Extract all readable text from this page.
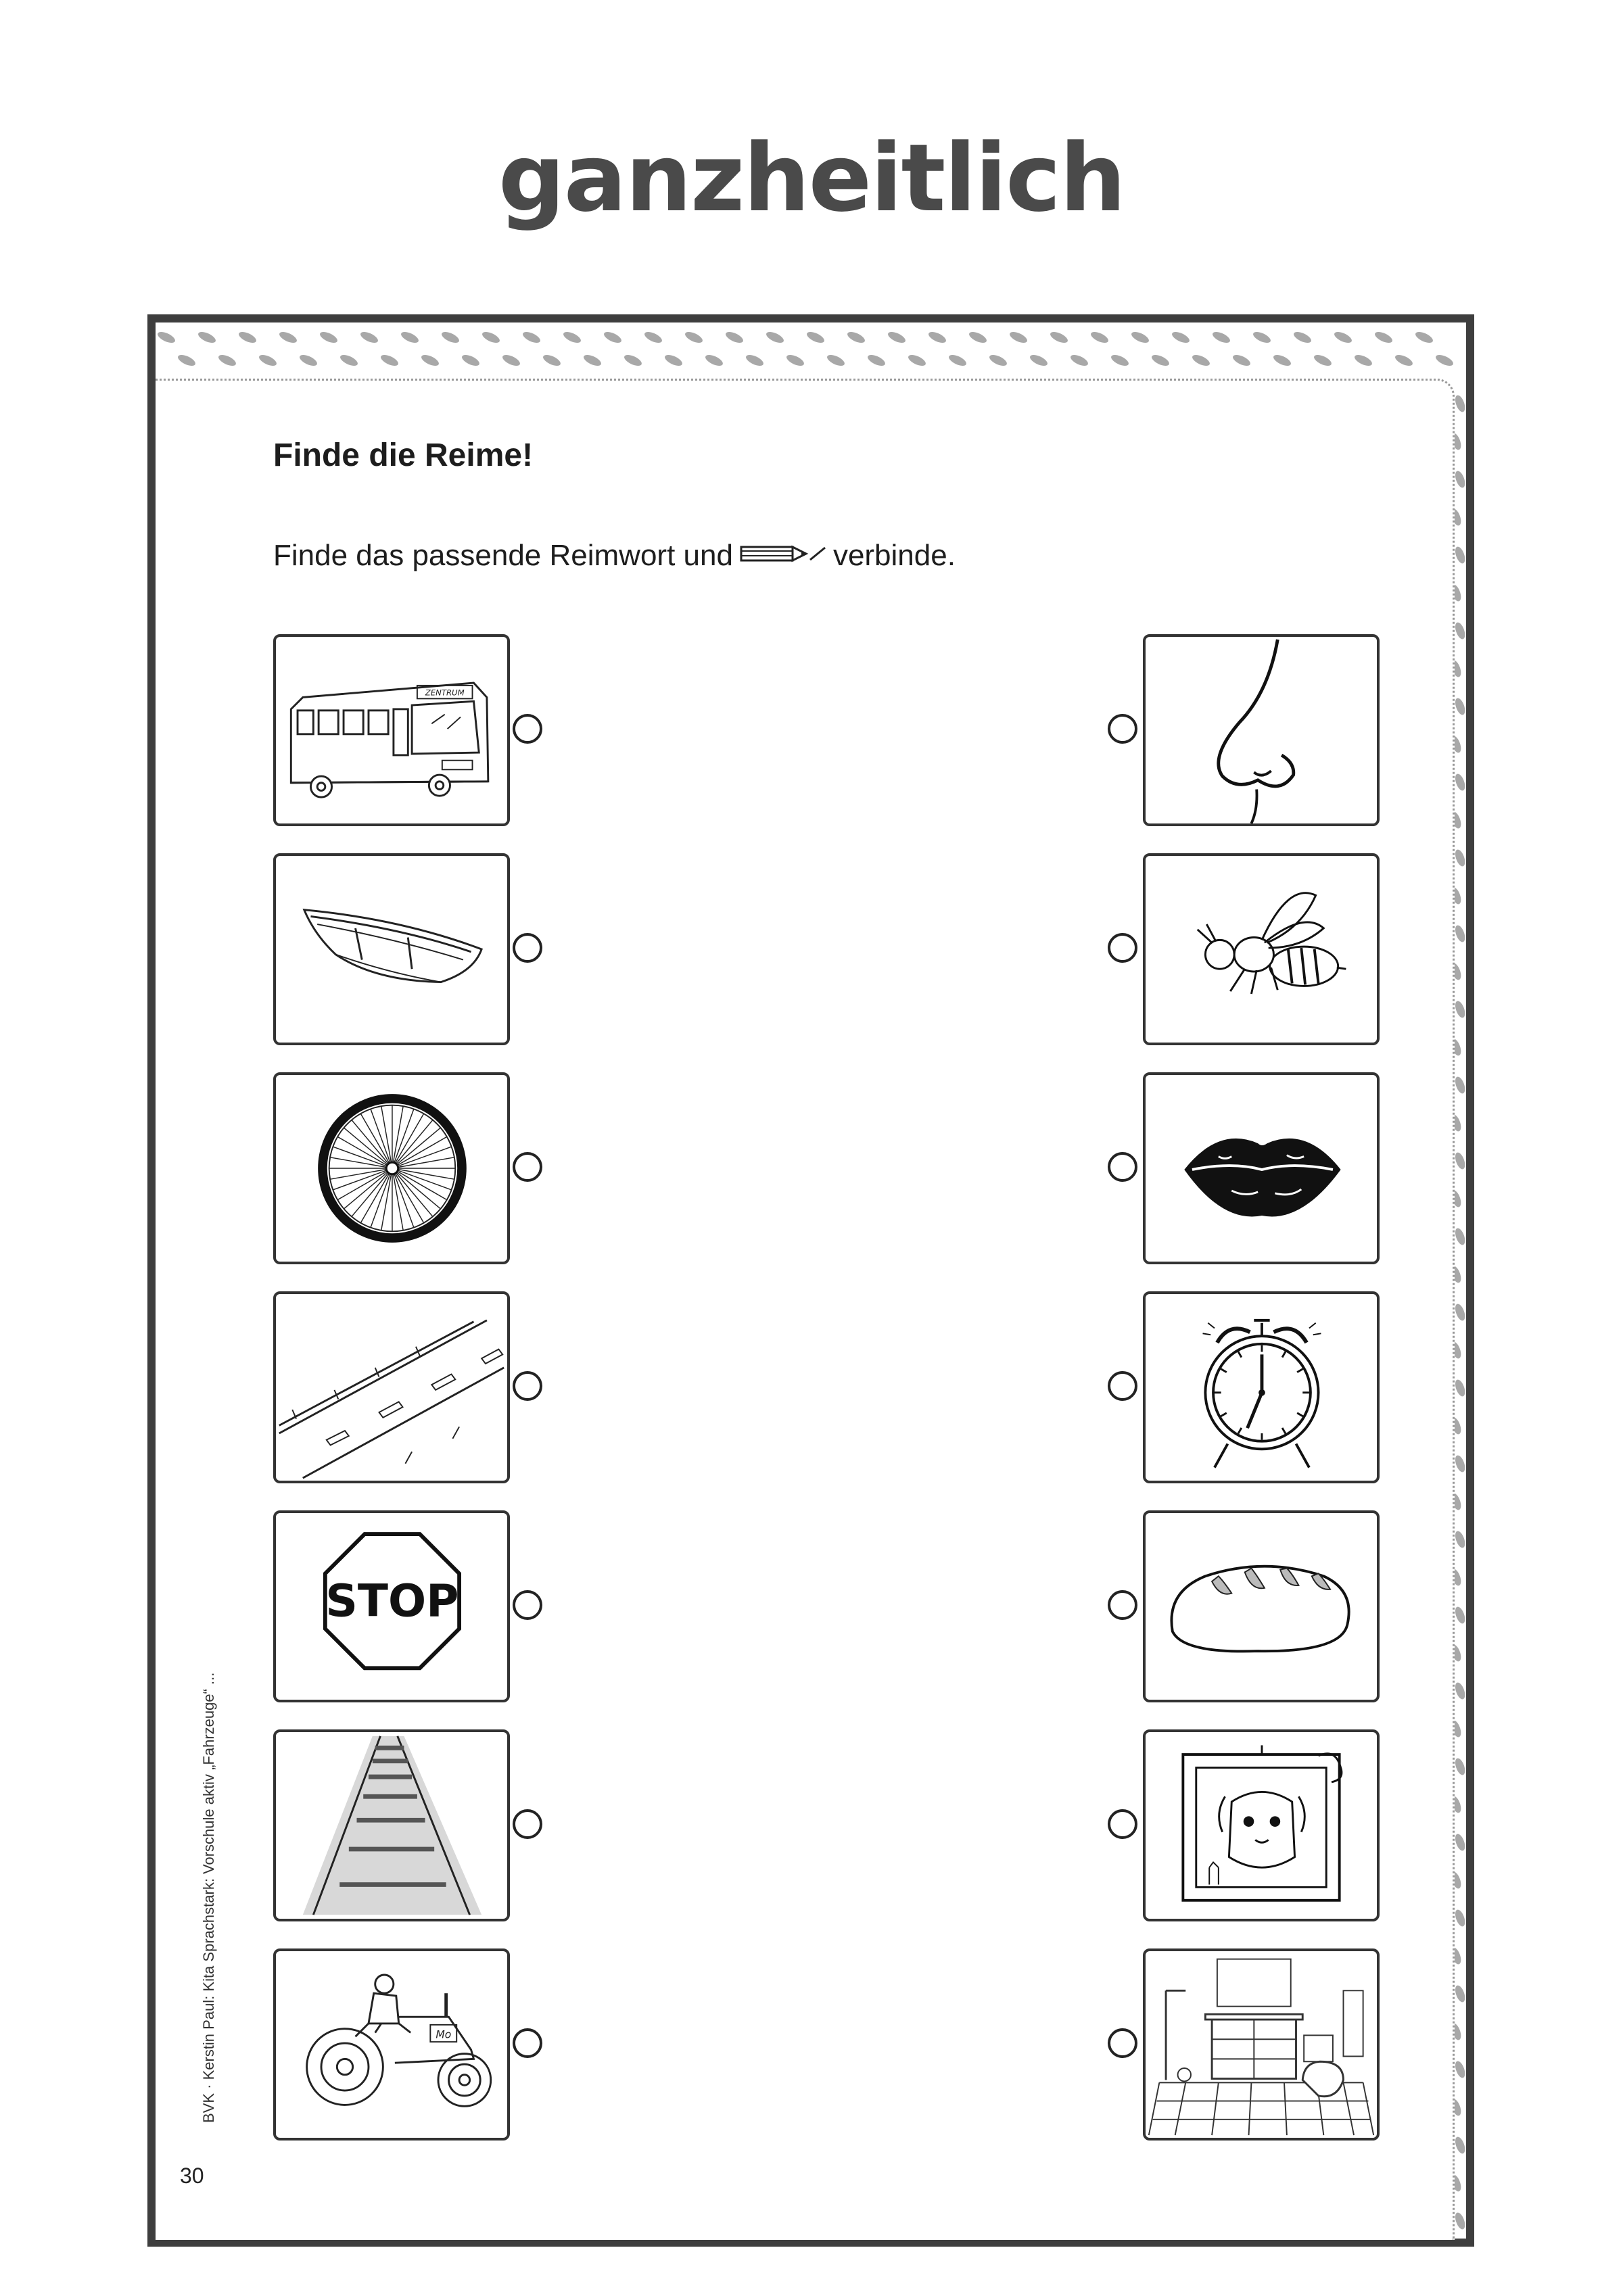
ganzheitlich
Finde die Reime!
Finde das passende Reimwort und	verbinde.
ZENTRUM
STOP
Mo
BVK · Kerstin Paul: Kita Sprachstark: Vorschule aktiv „Fahrzeuge“ ...
30
